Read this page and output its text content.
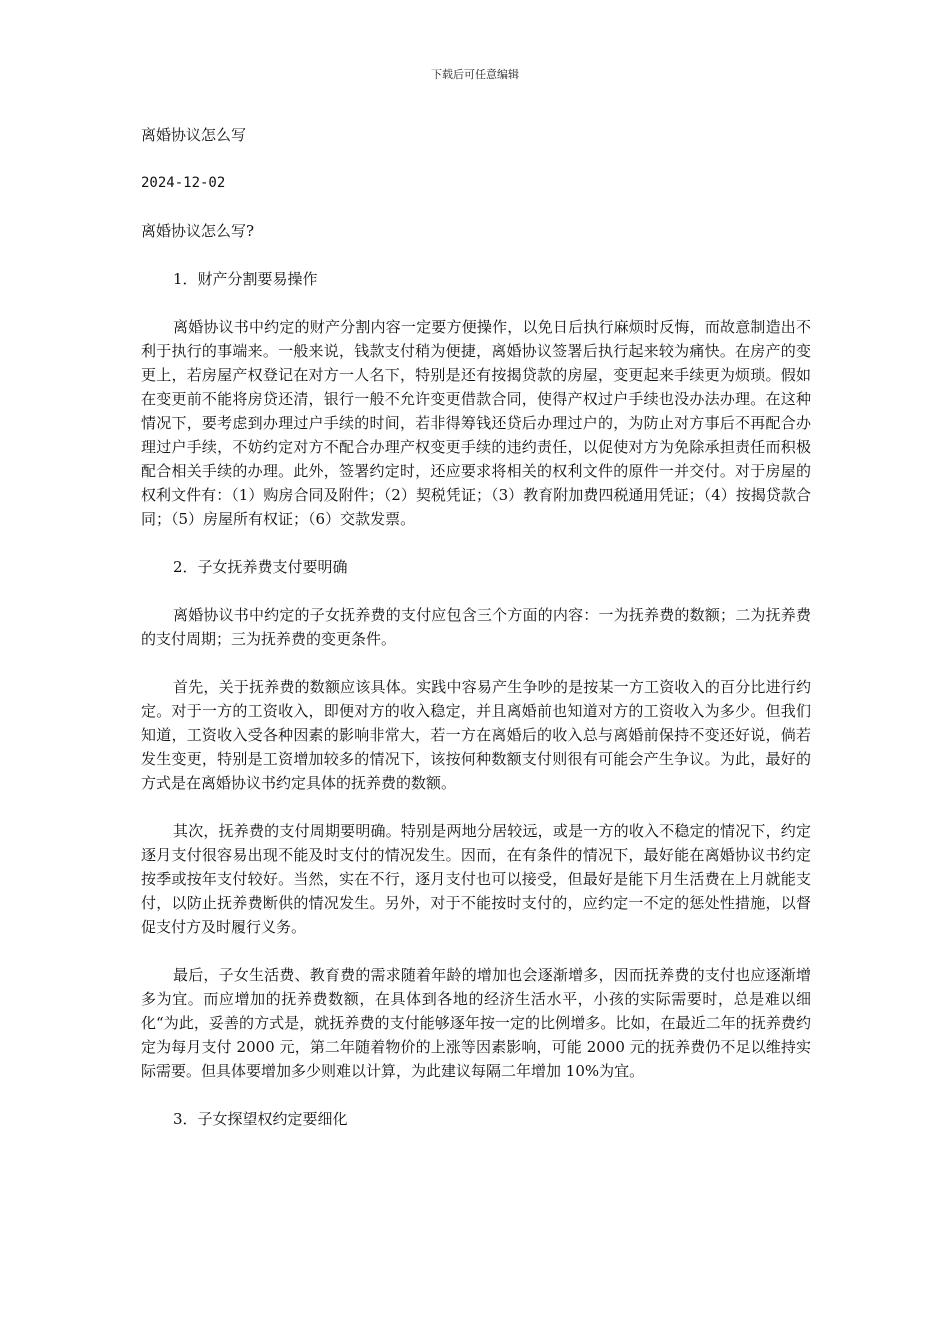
下载后可任意编辑

离婚协议怎么写

2024-12-02

离婚协议怎么写?

1．财产分割要易操作

离婚协议书中约定的财产分割内容一定要方便操作，以免日后执行麻烦时反悔，而故意制造出不利于执行的事端来。一般来说，钱款支付稍为便捷，离婚协议签署后执行起来较为痛快。在房产的变更上，若房屋产权登记在对方一人名下，特别是还有按揭贷款的房屋，变更起来手续更为烦琐。假如在变更前不能将房贷还清，银行一般不允许变更借款合同，使得产权过户手续也没办法办理。在这种情况下，要考虑到办理过户手续的时间，若非得筹钱还贷后办理过户的，为防止对方事后不再配合办理过户手续，不妨约定对方不配合办理产权变更手续的违约责任，以促使对方为免除承担责任而积极配合相关手续的办理。此外，签署约定时，还应要求将相关的权利文件的原件一并交付。对于房屋的权利文件有：（1）购房合同及附件；（2）契税凭证；（3）教育附加费四税通用凭证；（4）按揭贷款合同；（5）房屋所有权证；（6）交款发票。

2．子女抚养费支付要明确

离婚协议书中约定的子女抚养费的支付应包含三个方面的内容：一为抚养费的数额；二为抚养费的支付周期；三为抚养费的变更条件。

首先，关于抚养费的数额应该具体。实践中容易产生争吵的是按某一方工资收入的百分比进行约定。对于一方的工资收入，即便对方的收入稳定，并且离婚前也知道对方的工资收入为多少。但我们知道，工资收入受各种因素的影响非常大，若一方在离婚后的收入总与离婚前保持不变还好说，倘若发生变更，特别是工资增加较多的情况下，该按何种数额支付则很有可能会产生争议。为此，最好的方式是在离婚协议书约定具体的抚养费的数额。

其次，抚养费的支付周期要明确。特别是两地分居较远，或是一方的收入不稳定的情况下，约定逐月支付很容易出现不能及时支付的情况发生。因而，在有条件的情况下，最好能在离婚协议书约定按季或按年支付较好。当然，实在不行，逐月支付也可以接受，但最好是能下月生活费在上月就能支付，以防止抚养费断供的情况发生。另外，对于不能按时支付的，应约定一不定的惩处性措施，以督促支付方及时履行义务。

最后，子女生活费、教育费的需求随着年龄的增加也会逐渐增多，因而抚养费的支付也应逐渐增多为宜。而应增加的抚养费数额，在具体到各地的经济生活水平，小孩的实际需要时，总是难以细化“为此，妥善的方式是，就抚养费的支付能够逐年按一定的比例增多。比如，在最近二年的抚养费约定为每月支付 2000 元，第二年随着物价的上涨等因素影响，可能 2000 元的抚养费仍不足以维持实际需要。但具体要增加多少则难以计算，为此建议每隔二年增加 10%为宜。

3．子女探望权约定要细化
